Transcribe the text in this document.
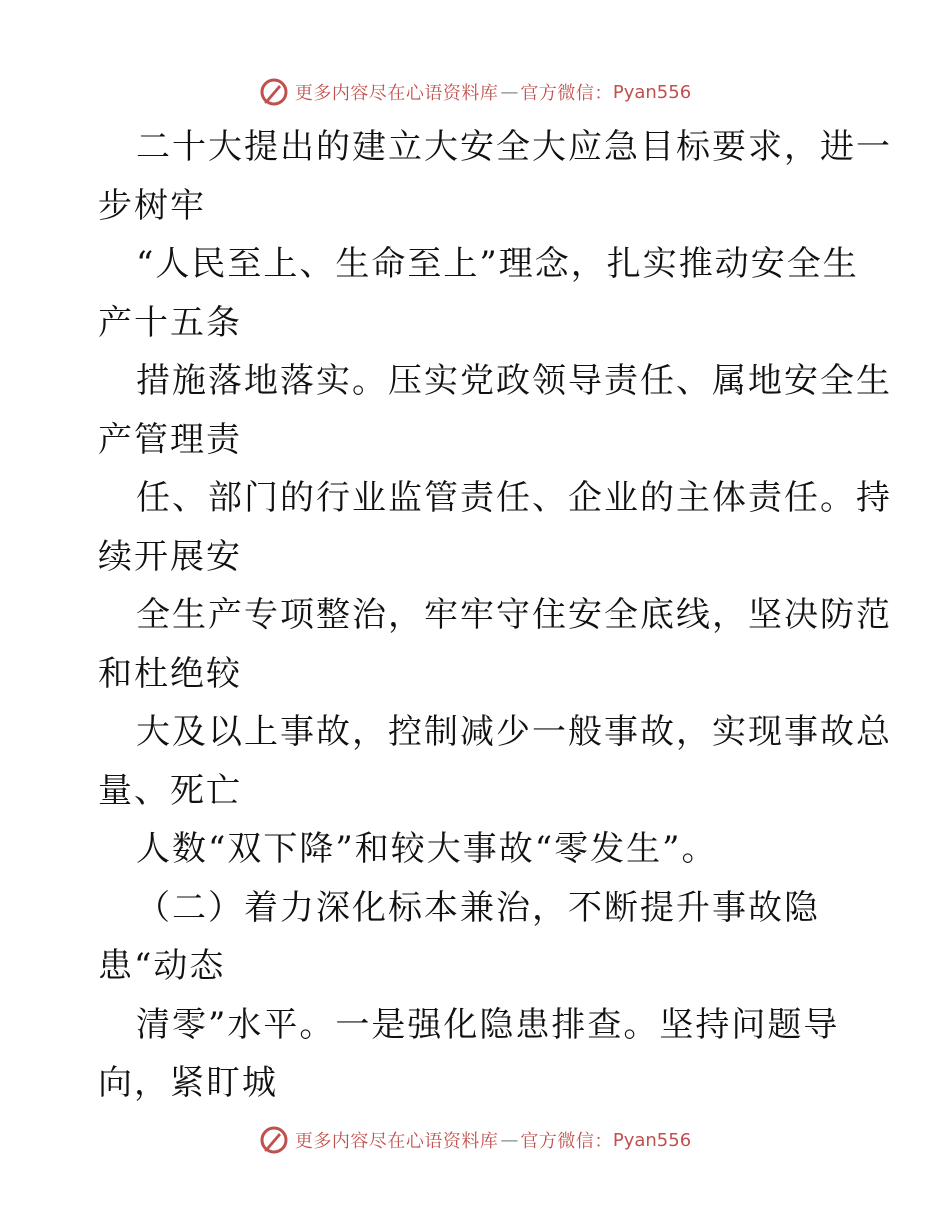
更多内容尽在心语资料库 — 官方微信： Pyan556
二十大提出的建立大安全大应急目标要求，进一
步树牢
“人民至上、生命至上”理念，扎实推动安全生
产十五条
措施落地落实。压实党政领导责任、属地安全生
产管理责
任、部门的行业监管责任、企业的主体责任。持
续开展安
全生产专项整治，牢牢守住安全底线，坚决防范
和杜绝较
大及以上事故，控制减少一般事故，实现事故总
量、死亡
人数“双下降”和较大事故“零发生”。
（二）着力深化标本兼治，不断提升事故隐
患“动态
清零”水平。一是强化隐患排查。坚持问题导
向，紧盯城
更多内容尽在心语资料库 — 官方微信： Pyan556
